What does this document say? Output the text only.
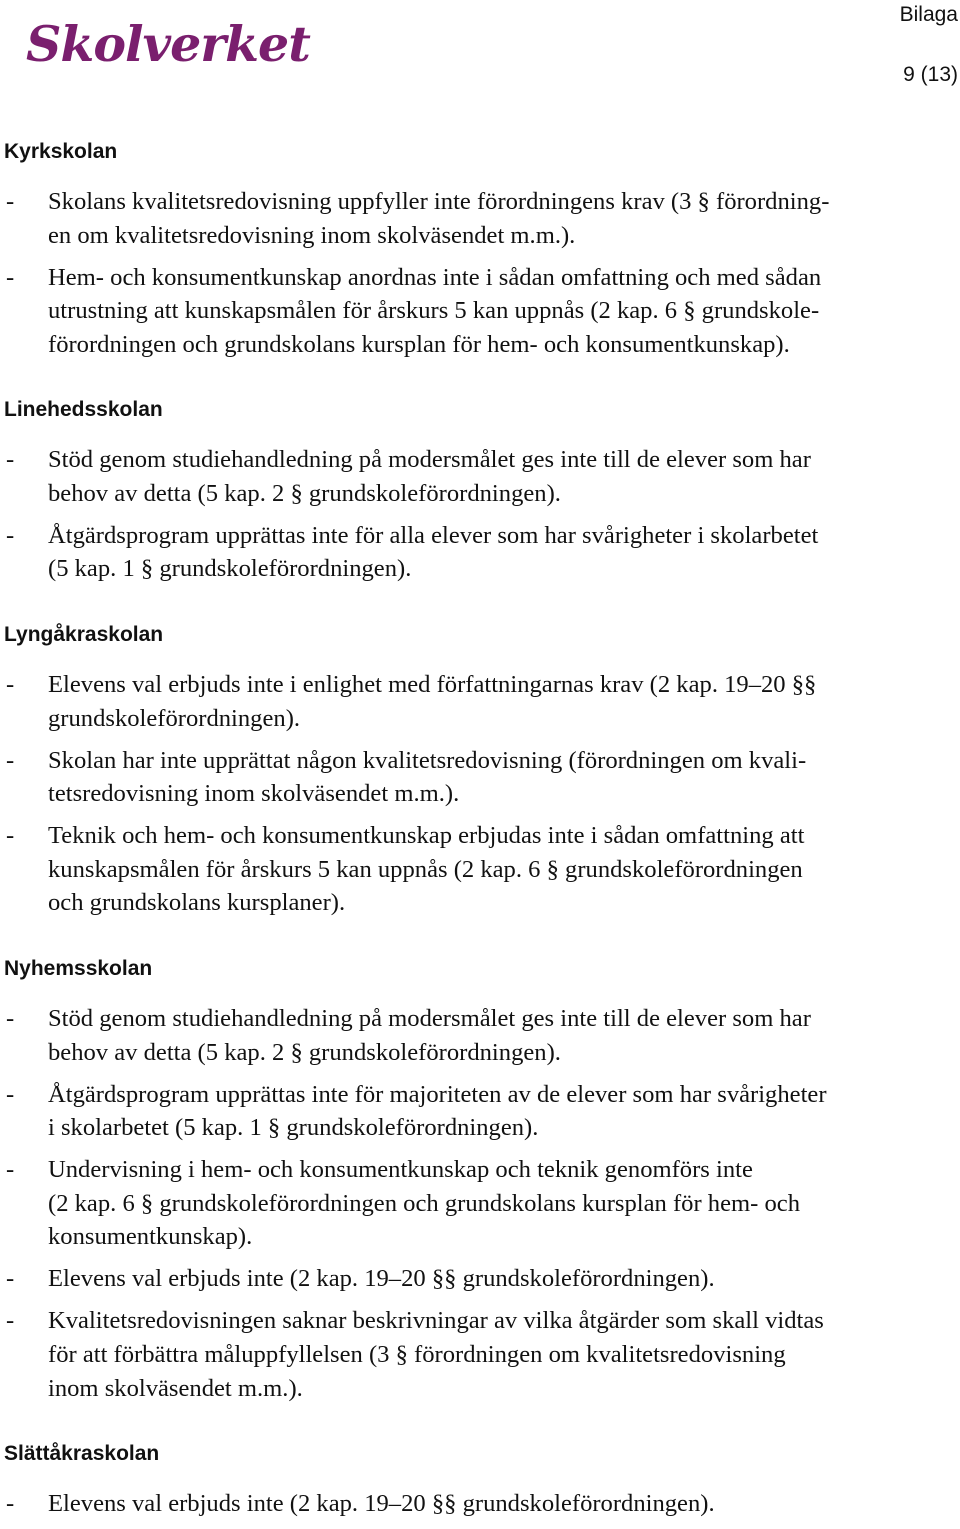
Skolverket
Bilaga
9 (13)
Kyrkskolan
- Skolans kvalitetsredovisning uppfyller inte förordningens krav (3 § förordning-
en om kvalitetsredovisning inom skolväsendet m.m.).
- Hem- och konsumentkunskap anordnas inte i sådan omfattning och med sådan
utrustning att kunskapsmålen för årskurs 5 kan uppnås (2 kap. 6 § grundskole-
förordningen och grundskolans kursplan för hem- och konsumentkunskap).
Linehedsskolan
- Stöd genom studiehandledning på modersmålet ges inte till de elever som har
behov av detta (5 kap. 2 § grundskoleförordningen).
- Åtgärdsprogram upprättas inte för alla elever som har svårigheter i skolarbetet
(5 kap. 1 § grundskoleförordningen).
Lyngåkraskolan
- Elevens val erbjuds inte i enlighet med författningarnas krav (2 kap. 19–20 §§
grundskoleförordningen).
- Skolan har inte upprättat någon kvalitetsredovisning (förordningen om kvali-
tetsredovisning inom skolväsendet m.m.).
- Teknik och hem- och konsumentkunskap erbjudas inte i sådan omfattning att
kunskapsmålen för årskurs 5 kan uppnås (2 kap. 6 § grundskoleförordningen
och grundskolans kursplaner).
Nyhemsskolan
- Stöd genom studiehandledning på modersmålet ges inte till de elever som har
behov av detta (5 kap. 2 § grundskoleförordningen).
- Åtgärdsprogram upprättas inte för majoriteten av de elever som har svårigheter
i skolarbetet (5 kap. 1 § grundskoleförordningen).
- Undervisning i hem- och konsumentkunskap och teknik genomförs inte
(2 kap. 6 § grundskoleförordningen och grundskolans kursplan för hem- och
konsumentkunskap).
- Elevens val erbjuds inte (2 kap. 19–20 §§ grundskoleförordningen).
- Kvalitetsredovisningen saknar beskrivningar av vilka åtgärder som skall vidtas
för att förbättra måluppfyllelsen (3 § förordningen om kvalitetsredovisning
inom skolväsendet m.m.).
Slättåkraskolan
- Elevens val erbjuds inte (2 kap. 19–20 §§ grundskoleförordningen).
